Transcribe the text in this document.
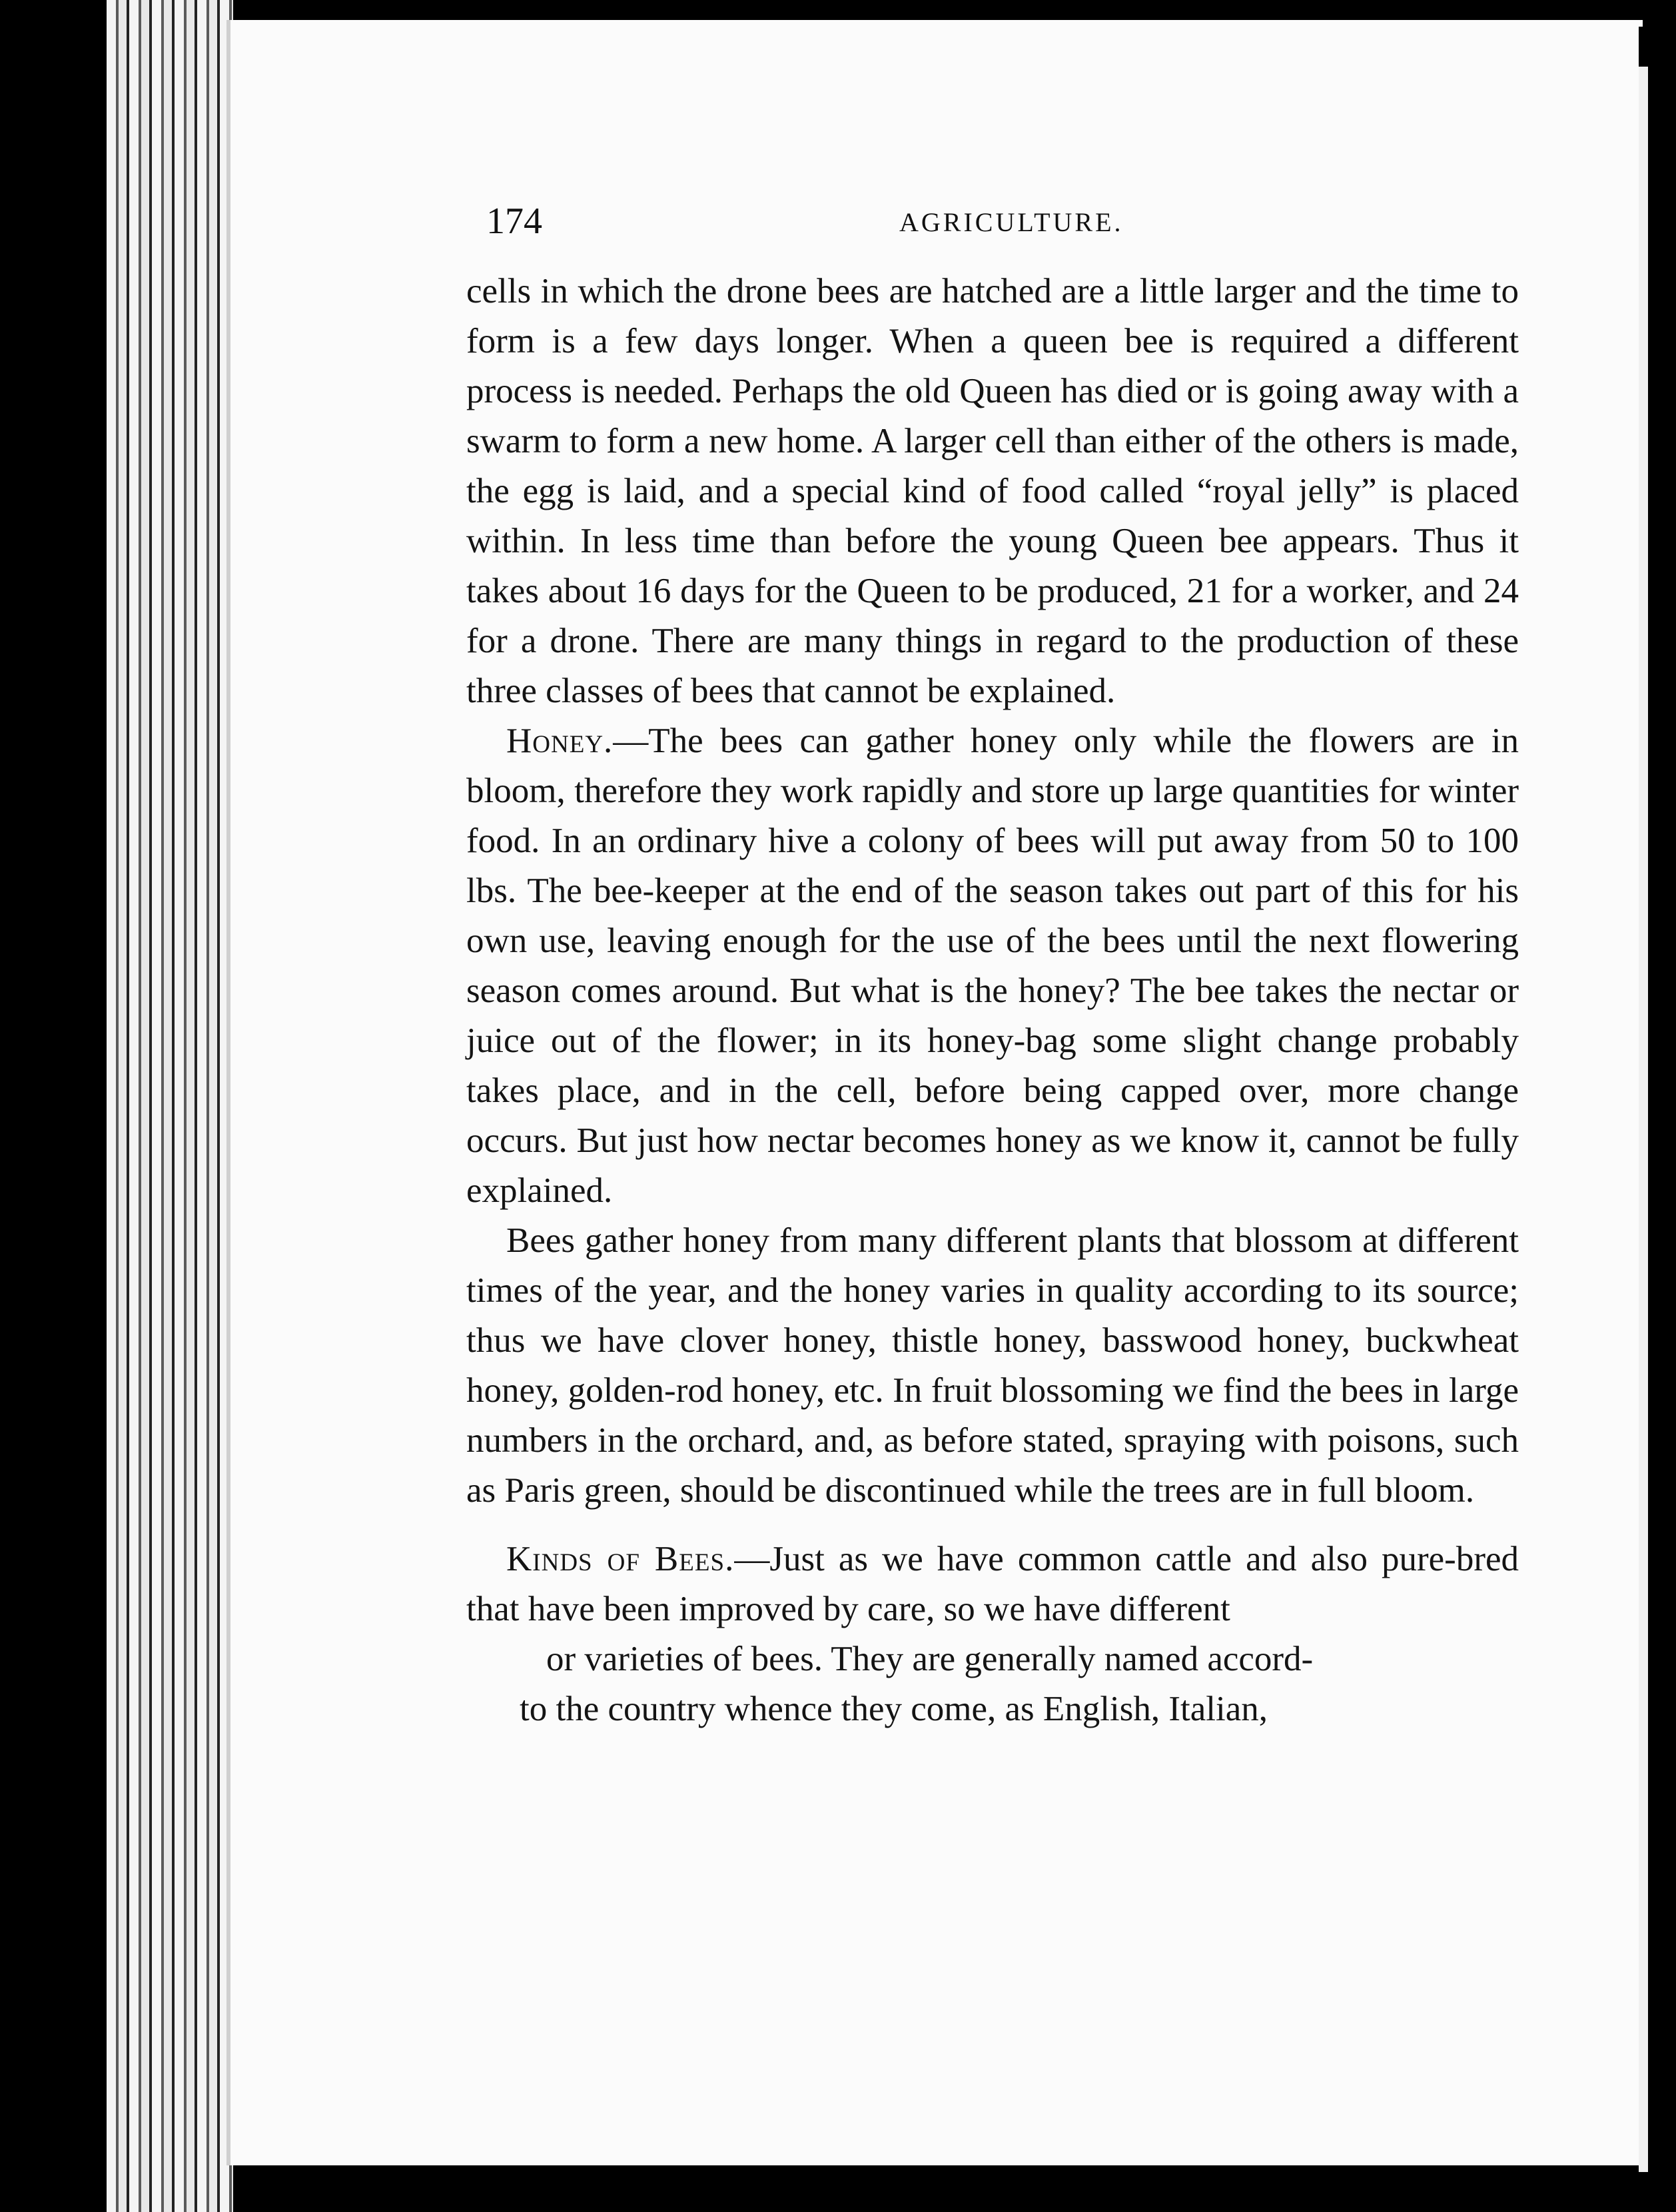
174	AGRICULTURE.

cells in which the drone bees are hatched are a little larger and the time to form is a few days longer. When a queen bee is required a different process is needed. Perhaps the old Queen has died or is going away with a swarm to form a new home. A larger cell than either of the others is made, the egg is laid, and a special kind of food called “royal jelly” is placed within. In less time than before the young Queen bee appears. Thus it takes about 16 days for the Queen to be produced, 21 for a worker, and 24 for a drone. There are many things in regard to the production of these three classes of bees that cannot be explained.

Honey.—The bees can gather honey only while the flowers are in bloom, therefore they work rapidly and store up large quantities for winter food. In an ordinary hive a colony of bees will put away from 50 to 100 lbs. The bee-keeper at the end of the season takes out part of this for his own use, leaving enough for the use of the bees until the next flowering season comes around. But what is the honey? The bee takes the nectar or juice out of the flower; in its honey-bag some slight change probably takes place, and in the cell, before being capped over, more change occurs. But just how nectar becomes honey as we know it, cannot be fully explained.

Bees gather honey from many different plants that blossom at different times of the year, and the honey varies in quality according to its source; thus we have clover honey, thistle honey, basswood honey, buckwheat honey, golden-rod honey, etc. In fruit blossoming we find the bees in large numbers in the orchard, and, as before stated, spraying with poisons, such as Paris green, should be discontinued while the trees are in full bloom.

Kinds of Bees.—Just as we have common cattle and also pure-bred that have been improved by care, so we have different

or varieties of bees. They are generally named accord-

to the country whence they come, as English, Italian,
